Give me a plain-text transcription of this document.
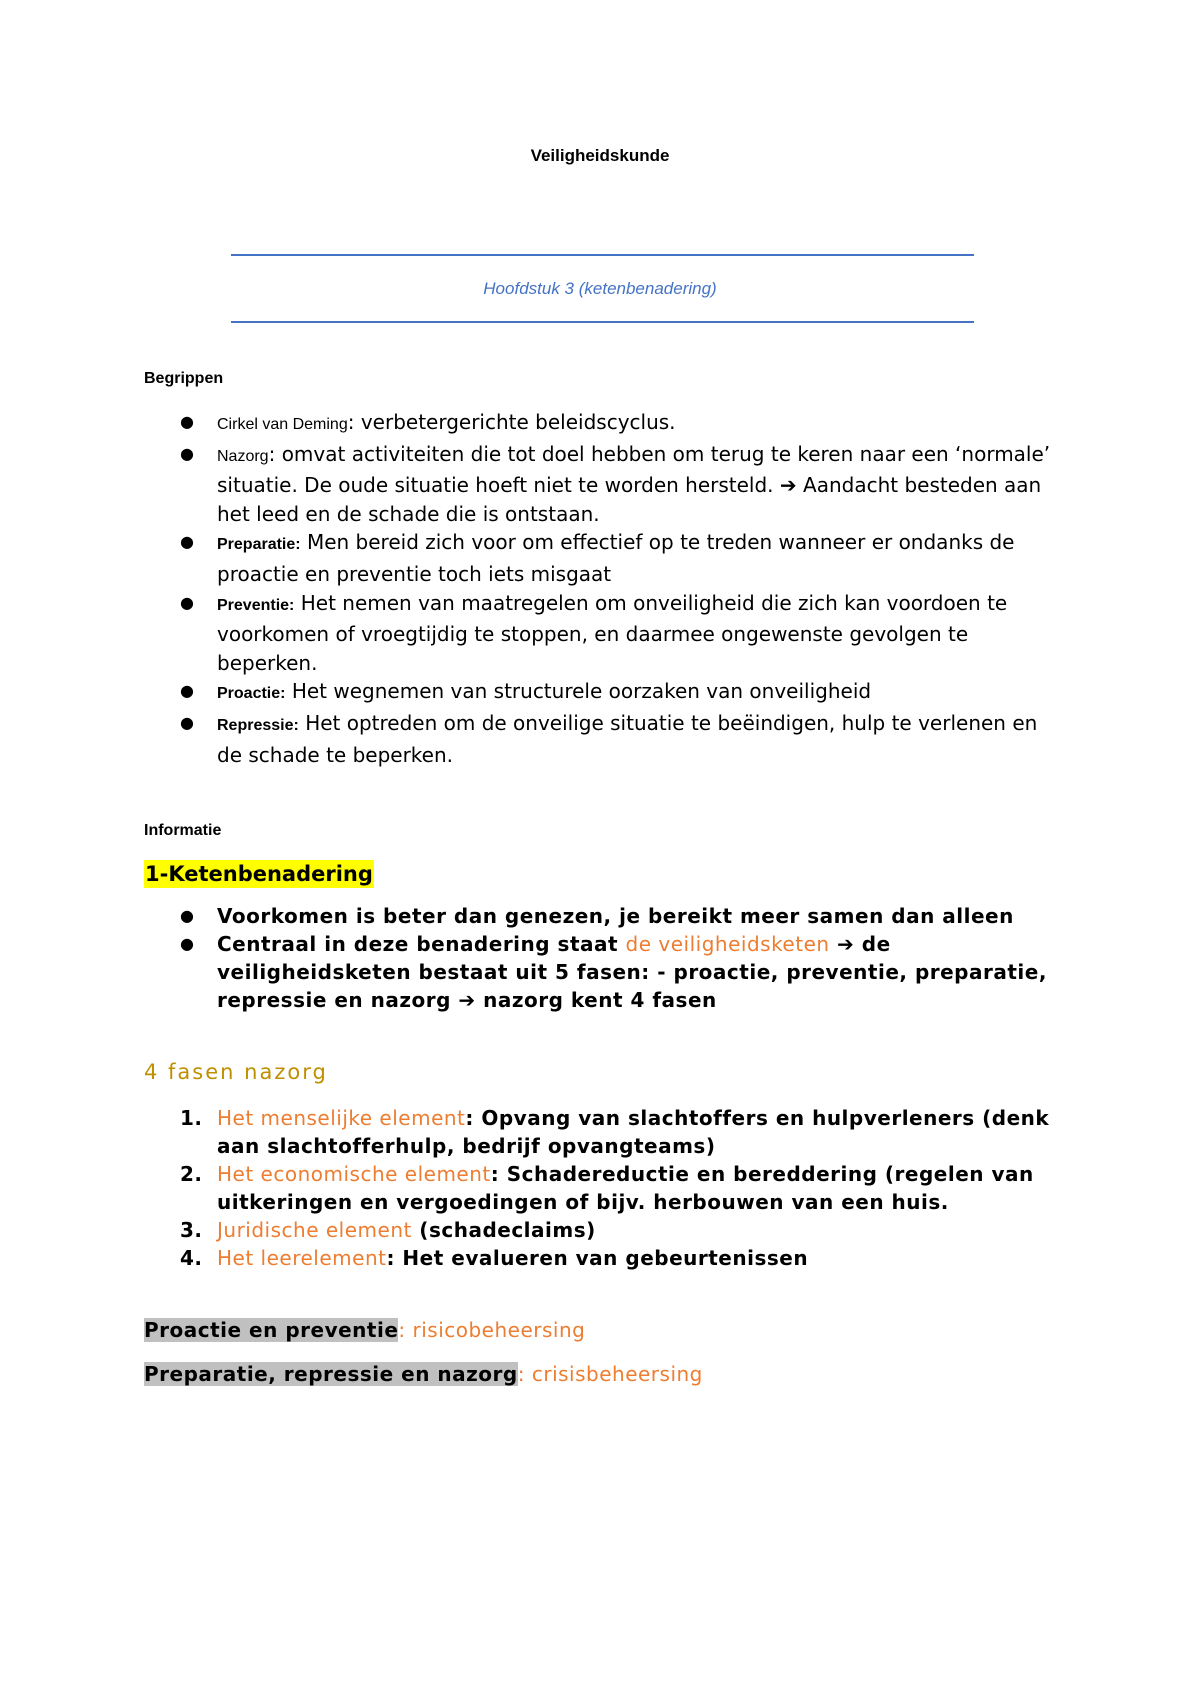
Veiligheidskunde
Hoofdstuk 3 (ketenbenadering)
Begrippen
● Cirkel van Deming: verbetergerichte beleidscyclus.
● Nazorg: omvat activiteiten die tot doel hebben om terug te keren naar een ‘normale’ situatie. De oude situatie hoeft niet te worden hersteld. ➔ Aandacht besteden aan het leed en de schade die is ontstaan.
● Preparatie: Men bereid zich voor om effectief op te treden wanneer er ondanks de proactie en preventie toch iets misgaat
● Preventie: Het nemen van maatregelen om onveiligheid die zich kan voordoen te voorkomen of vroegtijdig te stoppen, en daarmee ongewenste gevolgen te beperken.
● Proactie: Het wegnemen van structurele oorzaken van onveiligheid
● Repressie: Het optreden om de onveilige situatie te beëindigen, hulp te verlenen en de schade te beperken.
Informatie
1-Ketenbenadering
● Voorkomen is beter dan genezen, je bereikt meer samen dan alleen
● Centraal in deze benadering staat de veiligheidsketen ➔ de veiligheidsketen bestaat uit 5 fasen: - proactie, preventie, preparatie, repressie en nazorg ➔ nazorg kent 4 fasen
4 fasen nazorg
1. Het menselijke element: Opvang van slachtoffers en hulpverleners (denk aan slachtofferhulp, bedrijf opvangteams)
2. Het economische element: Schadereductie en bereddering (regelen van uitkeringen en vergoedingen of bijv. herbouwen van een huis.
3. Juridische element (schadeclaims)
4. Het leerelement: Het evalueren van gebeurtenissen
Proactie en preventie: risicobeheersing
Preparatie, repressie en nazorg: crisisbeheersing
